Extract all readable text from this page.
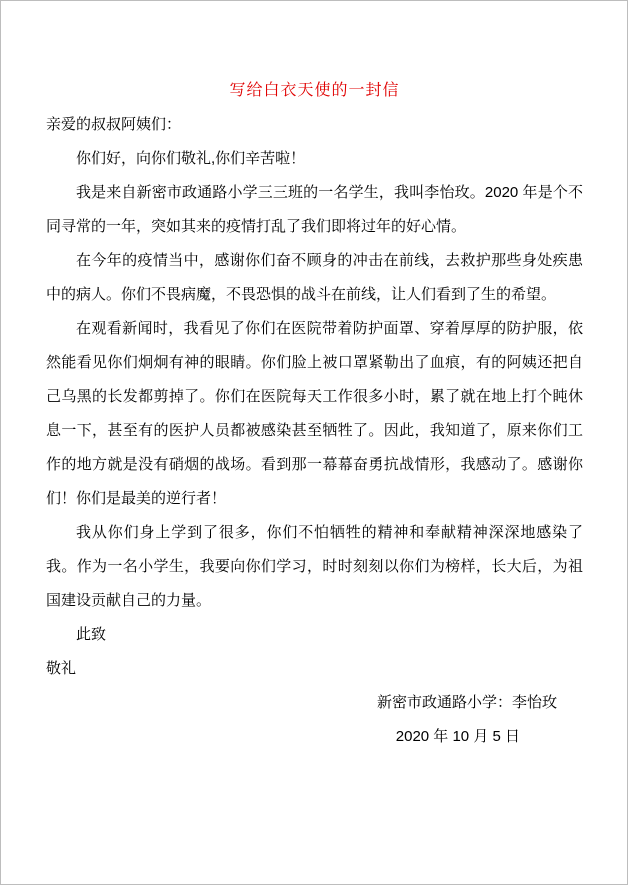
写给白衣天使的一封信

亲爱的叔叔阿姨们：

你们好，向你们敬礼,你们辛苦啦！

我是来自新密市政通路小学三三班的一名学生，我叫李怡玫。2020 年是个不同寻常的一年，突如其来的疫情打乱了我们即将过年的好心情。

在今年的疫情当中，感谢你们奋不顾身的冲击在前线，去救护那些身处疾患中的病人。你们不畏病魔，不畏恐惧的战斗在前线，让人们看到了生的希望。

在观看新闻时，我看见了你们在医院带着防护面罩、穿着厚厚的防护服，依然能看见你们炯炯有神的眼睛。你们脸上被口罩紧勒出了血痕，有的阿姨还把自己乌黑的长发都剪掉了。你们在医院每天工作很多小时，累了就在地上打个盹休息一下，甚至有的医护人员都被感染甚至牺牲了。因此，我知道了，原来你们工作的地方就是没有硝烟的战场。看到那一幕幕奋勇抗战情形，我感动了。感谢你们！你们是最美的逆行者！

我从你们身上学到了很多，你们不怕牺牲的精神和奉献精神深深地感染了我。作为一名小学生，我要向你们学习，时时刻刻以你们为榜样，长大后，为祖国建设贡献自己的力量。

此致

敬礼

新密市政通路小学：李怡玫

2020 年 10 月 5 日
